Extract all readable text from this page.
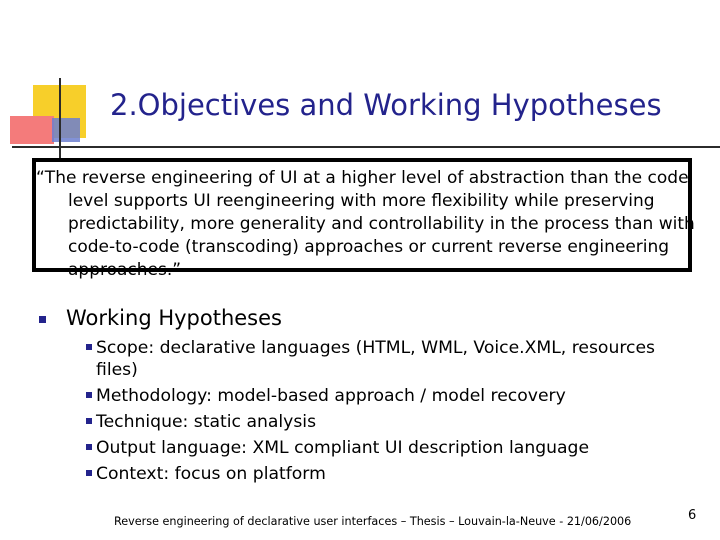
2.Objectives and Working Hypotheses

“The reverse engineering of UI at a higher level of abstraction than the code level supports UI reengineering with more flexibility while preserving predictability, more generality and controllability in the process than with code-to-code (transcoding) approaches or current reverse engineering approaches.”

Working Hypotheses
Scope: declarative languages (HTML, WML, Voice.XML, resources files)
Methodology: model-based approach / model recovery
Technique: static analysis
Output language: XML compliant UI description language
Context: focus on platform
Reverse engineering of declarative user interfaces – Thesis – Louvain-la-Neuve - 21/06/2006	6
